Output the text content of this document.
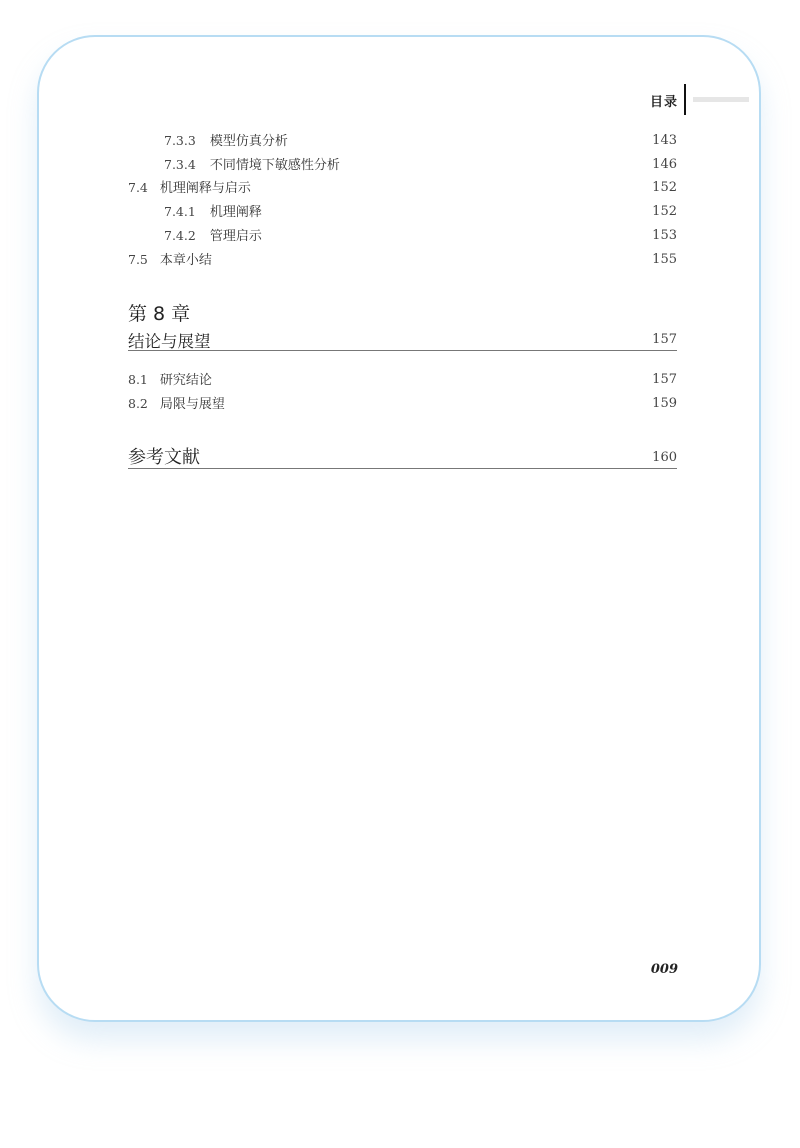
目录
7.3.3 模型仿真分析	143
7.3.4 不同情境下敏感性分析	146
7.4 机理阐释与启示	152
7.4.1 机理阐释	152
7.4.2 管理启示	153
7.5 本章小结	155
第 8 章
结论与展望	157
8.1 研究结论	157
8.2 局限与展望	159
参考文献	160
009
